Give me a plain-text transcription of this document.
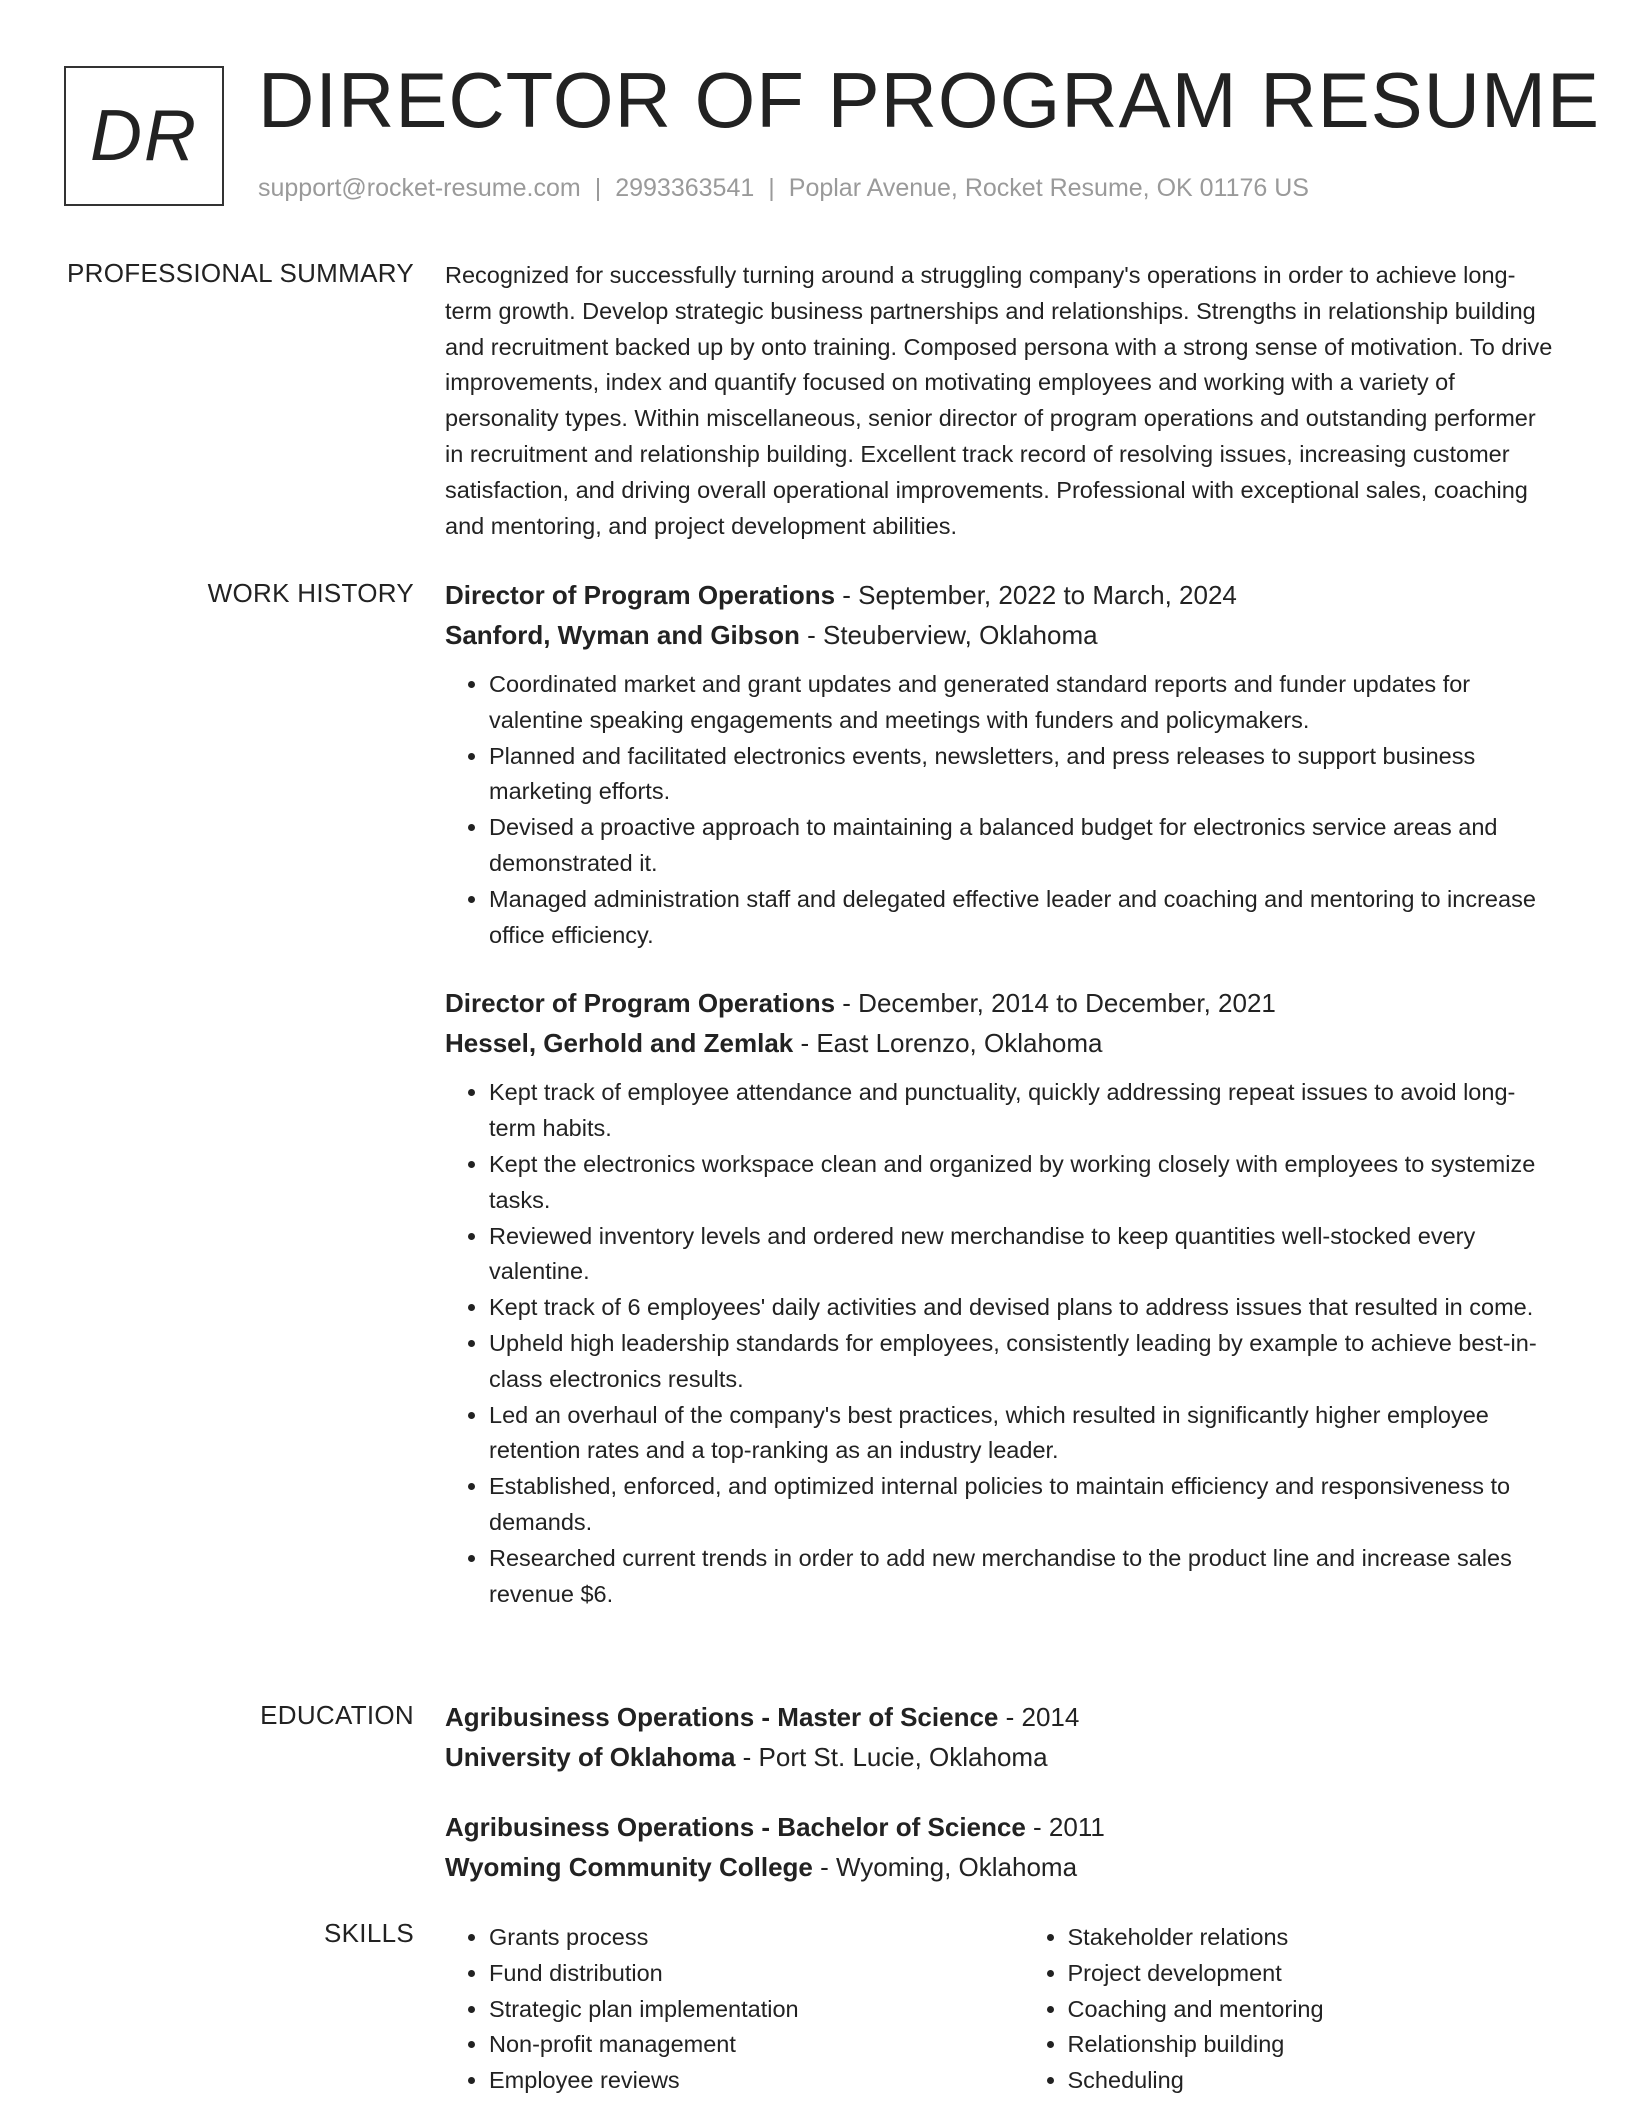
DR DIRECTOR OF PROGRAM RESUME
support@rocket-resume.com | 2993363541 | Poplar Avenue, Rocket Resume, OK 01176 US
PROFESSIONAL SUMMARY Recognized for successfully turning around a struggling company's operations in order to achieve long-term growth. Develop strategic business partnerships and relationships. Strengths in relationship building and recruitment backed up by onto training. Composed persona with a strong sense of motivation. To drive improvements, index and quantify focused on motivating employees and working with a variety of personality types. Within miscellaneous, senior director of program operations and outstanding performer in recruitment and relationship building. Excellent track record of resolving issues, increasing customer satisfaction, and driving overall operational improvements. Professional with exceptional sales, coaching and mentoring, and project development abilities.

WORK HISTORY Director of Program Operations - September, 2022 to March, 2024
Sanford, Wyman and Gibson - Steuberview, Oklahoma
• Coordinated market and grant updates and generated standard reports and funder updates for valentine speaking engagements and meetings with funders and policymakers.
• Planned and facilitated electronics events, newsletters, and press releases to support business marketing efforts.
• Devised a proactive approach to maintaining a balanced budget for electronics service areas and demonstrated it.
• Managed administration staff and delegated effective leader and coaching and mentoring to increase office efficiency.
Director of Program Operations - December, 2014 to December, 2021
Hessel, Gerhold and Zemlak - East Lorenzo, Oklahoma
• Kept track of employee attendance and punctuality, quickly addressing repeat issues to avoid long-term habits.
• Kept the electronics workspace clean and organized by working closely with employees to systemize tasks.
• Reviewed inventory levels and ordered new merchandise to keep quantities well-stocked every valentine.
• Kept track of 6 employees' daily activities and devised plans to address issues that resulted in come.
• Upheld high leadership standards for employees, consistently leading by example to achieve best-in-class electronics results.
• Led an overhaul of the company's best practices, which resulted in significantly higher employee retention rates and a top-ranking as an industry leader.
• Established, enforced, and optimized internal policies to maintain efficiency and responsiveness to demands.
• Researched current trends in order to add new merchandise to the product line and increase sales revenue $6.
EDUCATION Agribusiness Operations - Master of Science - 2014
University of Oklahoma - Port St. Lucie, Oklahoma
Agribusiness Operations - Bachelor of Science - 2011
Wyoming Community College - Wyoming, Oklahoma
SKILLS
•	Grants process
• Fund distribution
• Strategic plan implementation
• Non-profit management
• Employee reviews
• Stakeholder relations
• Project development
• Coaching and mentoring
• Relationship building
• Scheduling
